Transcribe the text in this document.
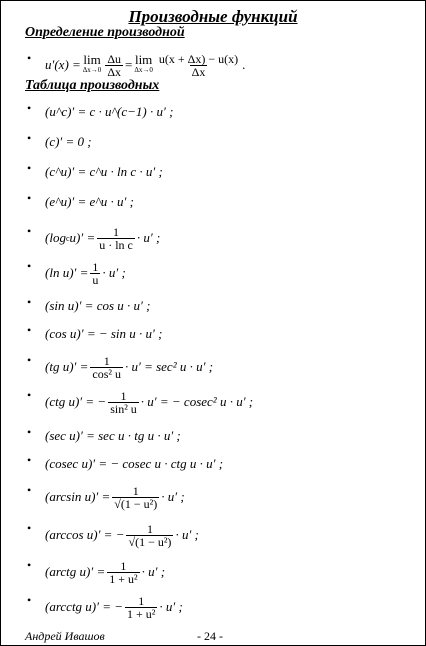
Производные функций
Определение производной
• u′(x) = lim
$\Delta x\to 0 \frac{\Delta u}{\Delta x} = \lim$
$\Delta x\to 0 \frac{u(x + \Delta x) - u(x)}{\Delta x}$ .
Таблица производных
• (u^c)′ = c · u^(c−1) · u′ ;
• (c)′ = 0 ;
• (c^u)′ = c^u · ln c · u′ ;
• (e^u)′ = e^u · u′ ;
• (log c $u)' = \frac{1}{\text{u · ln c}} \cdot u'$ ;
• (ln $u)' = \frac{1}{u} \cdot u'$ ;
• (sin u)′ = cos u · u′ ;
• (cos u)′ = − sin u · u′ ;
• (tg $u)' = \frac{1}{\text{cos² u}} \cdot u' = \sec^2$ u · u′ ;
• (ctg u)′ = − $\frac{1}{\text{sin² u}} \cdot u'$ = − cosec² u · u′ ;
• (sec u)′ = sec u · tg u · u′ ;
• (cosec u)′ = − cosec u · ctg u · u′ ;
• (arcsin $u)' = \frac{1}{\text{√(1 − u²)}} \cdot u'$ ;
• (arccos u)′ = − $\frac{1}{\text{√(1 − u²)}} \cdot u'$ ;
• (arctg $u)' = \frac{1}{\text{1 + u²}} \cdot u'$ ;
• (arcctg u)′ = − $\frac{1}{\text{1 + u²}} \cdot u'$ ;
Андрей Ивашов	- 24 -
